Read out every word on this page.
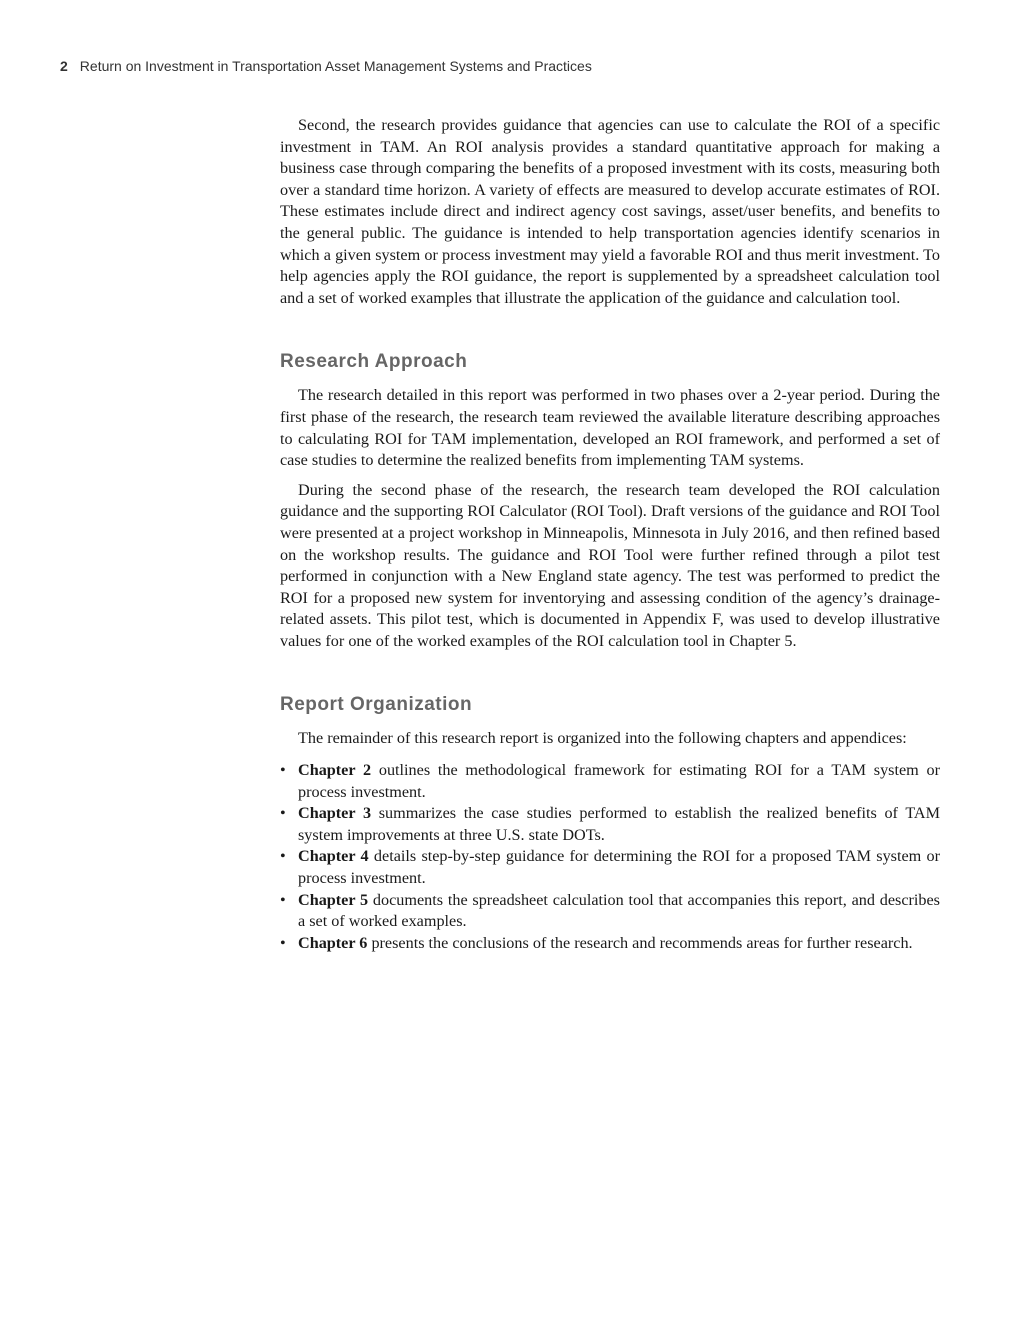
2 Return on Investment in Transportation Asset Management Systems and Practices

Second, the research provides guidance that agencies can use to calculate the ROI of a specific investment in TAM. An ROI analysis provides a standard quantitative approach for making a business case through comparing the benefits of a proposed investment with its costs, measuring both over a standard time horizon. A variety of effects are measured to develop accurate estimates of ROI. These estimates include direct and indirect agency cost savings, asset/user benefits, and benefits to the general public. The guidance is intended to help transportation agencies identify scenarios in which a given system or process investment may yield a favorable ROI and thus merit investment. To help agencies apply the ROI guidance, the report is supplemented by a spreadsheet calculation tool and a set of worked examples that illustrate the application of the guidance and calculation tool.

Research Approach

The research detailed in this report was performed in two phases over a 2-year period. During the first phase of the research, the research team reviewed the available literature describing approaches to calculating ROI for TAM implementation, developed an ROI framework, and performed a set of case studies to determine the realized benefits from implementing TAM systems.

During the second phase of the research, the research team developed the ROI calculation guidance and the supporting ROI Calculator (ROI Tool). Draft versions of the guidance and ROI Tool were presented at a project workshop in Minneapolis, Minnesota in July 2016, and then refined based on the workshop results. The guidance and ROI Tool were further refined through a pilot test performed in conjunction with a New England state agency. The test was performed to predict the ROI for a proposed new system for inventorying and assessing condition of the agency’s drainage-related assets. This pilot test, which is documented in Appendix F, was used to develop illustrative values for one of the worked examples of the ROI calculation tool in Chapter 5.

Report Organization

The remainder of this research report is organized into the following chapters and appendices:

• Chapter 2 outlines the methodological framework for estimating ROI for a TAM system or process investment.
• Chapter 3 summarizes the case studies performed to establish the realized benefits of TAM system improvements at three U.S. state DOTs.
• Chapter 4 details step-by-step guidance for determining the ROI for a proposed TAM system or process investment.
• Chapter 5 documents the spreadsheet calculation tool that accompanies this report, and describes a set of worked examples.
• Chapter 6 presents the conclusions of the research and recommends areas for further research.
